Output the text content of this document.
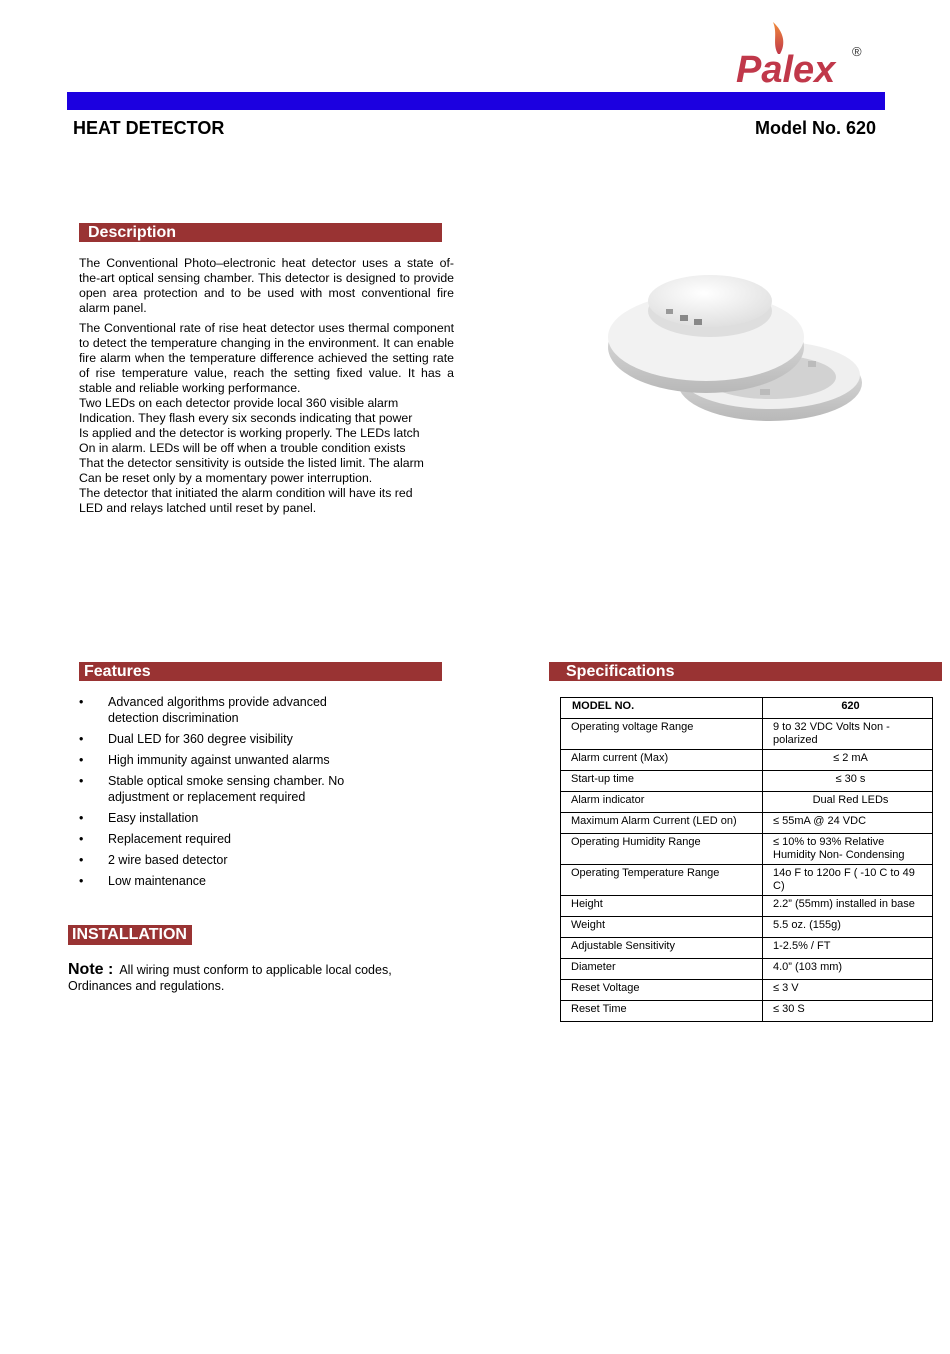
Palex ®
HEAT DETECTOR	Model No. 620
Description

The Conventional Photo–electronic heat detector uses a state of-the-art optical sensing chamber. This detector is designed to provide open area protection and to be used with most conventional fire alarm panel.

The Conventional rate of rise heat detector uses thermal component to detect the temperature changing in the environment. It can enable fire alarm when the temperature difference achieved the setting rate of rise temperature value, reach the setting fixed value. It has a stable and reliable working performance.

Two LEDs on each detector provide local 360 visible alarm
Indication. They flash every six seconds indicating that power
Is applied and the detector is working properly. The LEDs latch
On in alarm. LEDs will be off when a trouble condition exists
That the detector sensitivity is outside the listed limit. The alarm
Can be reset only by a momentary power interruption.
The detector that initiated the alarm condition will have its red
LED and relays latched until reset by panel.
Features
• Advanced algorithms provide advanced detection discrimination
• Dual LED for 360 degree visibility
• High immunity against unwanted alarms
• Stable optical smoke sensing chamber. No adjustment or replacement required
• Easy installation
• Replacement required
• 2 wire based detector
• Low maintenance
INSTALLATION
Note : All wiring must conform to applicable local codes, Ordinances and regulations.
Specifications
MODEL NO.	620
Operating voltage Range	9 to 32 VDC Volts Non - polarized
Alarm current (Max)	≤ 2 mA
Start-up time	≤ 30 s
Alarm indicator	Dual Red LEDs
Maximum Alarm Current (LED on)	≤ 55mA @ 24 VDC
Operating Humidity Range	≤ 10% to 93% Relative Humidity Non- Condensing
Operating Temperature Range	14o F to 120o F ( -10 C to 49 C)
Height	2.2” (55mm) installed in base
Weight	5.5 oz. (155g)
Adjustable Sensitivity	1-2.5% / FT
Diameter	4.0” (103 mm)
Reset Voltage	≤ 3 V
Reset Time	≤ 30 S
